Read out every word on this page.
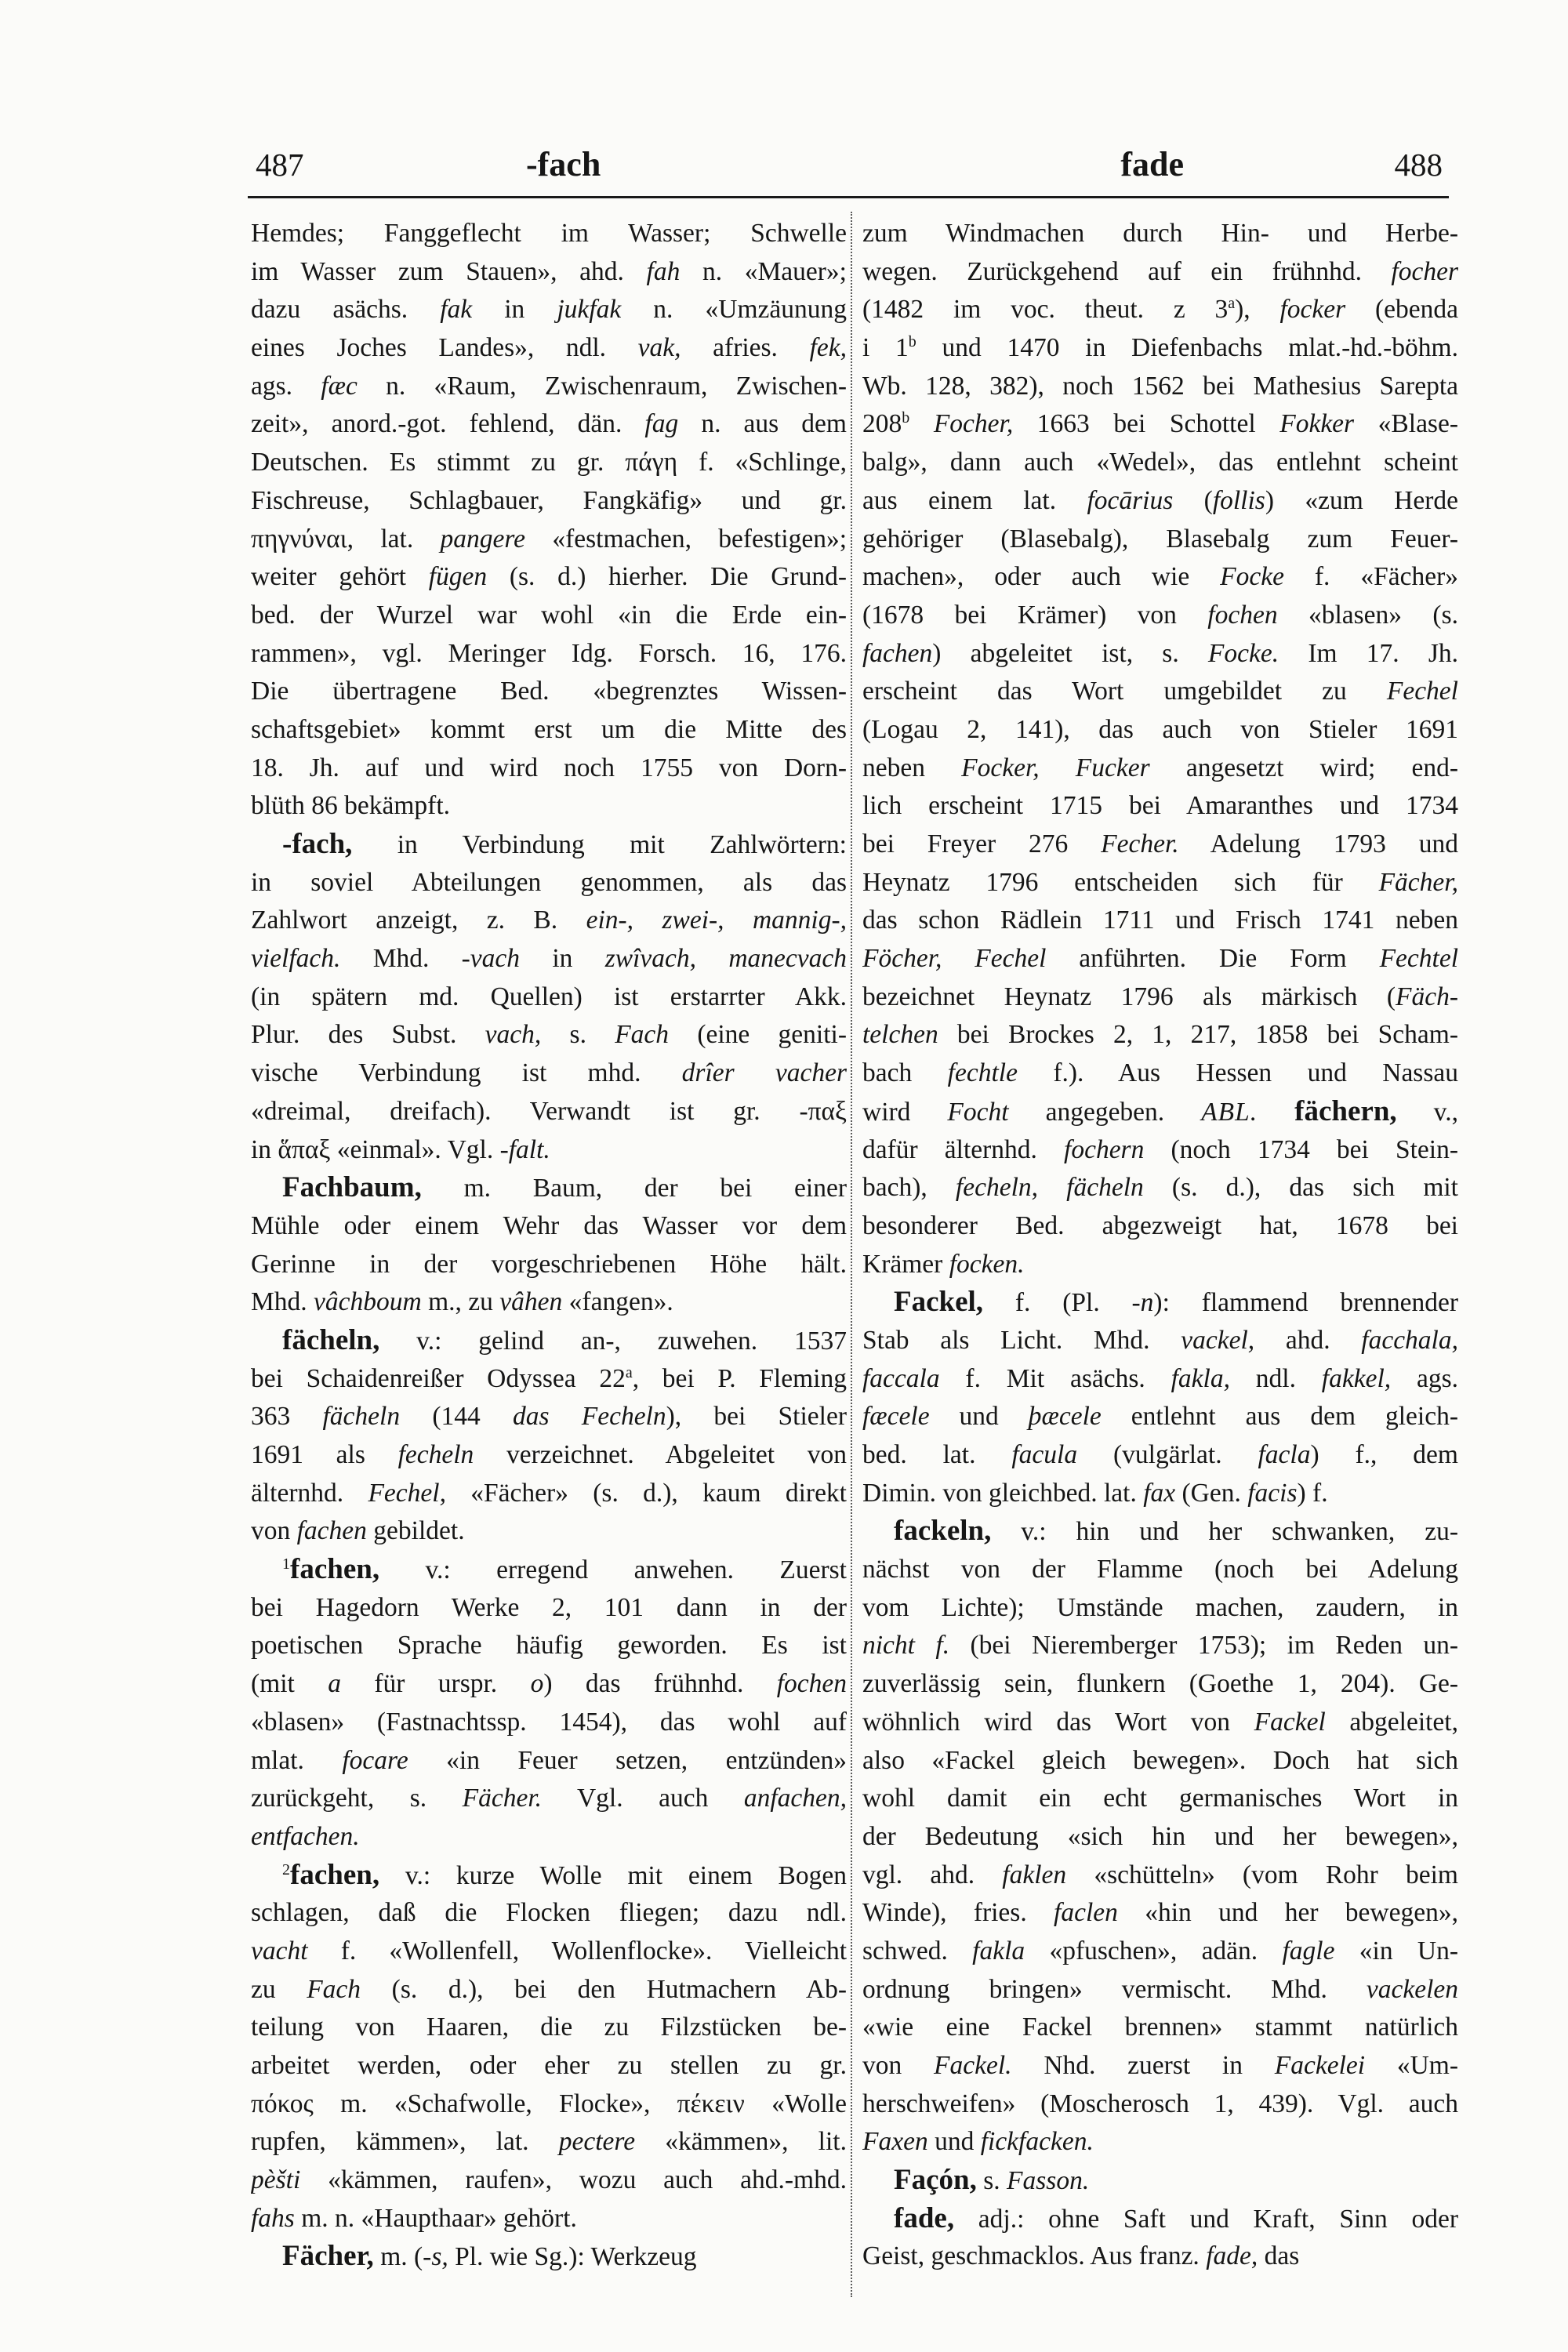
487	-fach	fade	488
Hemdes; Fanggeflecht im Wasser; Schwelle
im Wasser zum Stauen», ahd. fah n. «Mauer»;
dazu asächs. fak in jukfak n. «Umzäunung
eines Joches Landes», ndl. vak, afries. fek,
ags. fæc n. «Raum, Zwischenraum, Zwischen-
zeit», anord.-got. fehlend, dän. fag n. aus dem
Deutschen. Es stimmt zu gr. πάγη f. «Schlinge,
Fischreuse, Schlagbauer, Fangkäfig» und gr.
πηγνύναι, lat. pangere «festmachen, befestigen»;
weiter gehört fügen (s. d.) hierher. Die Grund-
bed. der Wurzel war wohl «in die Erde ein-
rammen», vgl. Meringer Idg. Forsch. 16, 176.
Die übertragene Bed. «begrenztes Wissen-
schaftsgebiet» kommt erst um die Mitte des
18. Jh. auf und wird noch 1755 von Dorn-
blüth 86 bekämpft.
-fach, in Verbindung mit Zahlwörtern:
in soviel Abteilungen genommen, als das
Zahlwort anzeigt, z. B. ein-, zwei-, mannig-,
vielfach. Mhd. -vach in zwîvach, manecvach
(in spätern md. Quellen) ist erstarrter Akk.
Plur. des Subst. vach, s. Fach (eine geniti-
vische Verbindung ist mhd. drîer vacher
«dreimal, dreifach). Verwandt ist gr. -παξ
in ἅπαξ «einmal». Vgl. -falt.
Fachbaum, m. Baum, der bei einer
Mühle oder einem Wehr das Wasser vor dem
Gerinne in der vorgeschriebenen Höhe hält.
Mhd. vâchboum m., zu vâhen «fangen».
fächeln, v.: gelind an-, zuwehen. 1537
bei Schaidenreißer Odyssea 22$^a$, bei P. Fleming
363 fächeln (144 das Fecheln), bei Stieler
1691 als fecheln verzeichnet. Abgeleitet von
älternhd. Fechel, «Fächer» (s. d.), kaum direkt
von fachen gebildet.
$^1$fachen, v.: erregend anwehen. Zuerst
bei Hagedorn Werke 2, 101 dann in der
poetischen Sprache häufig geworden. Es ist
(mit a für urspr. o) das frühnhd. fochen
«blasen» (Fastnachtssp. 1454), das wohl auf
mlat. focare «in Feuer setzen, entzünden»
zurückgeht, s. Fächer. Vgl. auch anfachen,
entfachen.
$^2$fachen, v.: kurze Wolle mit einem Bogen
schlagen, daß die Flocken fliegen; dazu ndl.
vacht f. «Wollenfell, Wollenflocke». Vielleicht
zu Fach (s. d.), bei den Hutmachern Ab-
teilung von Haaren, die zu Filzstücken be-
arbeitet werden, oder eher zu stellen zu gr.
πόκος m. «Schafwolle, Flocke», πέκειν «Wolle
rupfen, kämmen», lat. pectere «kämmen», lit.
pèšti «kämmen, raufen», wozu auch ahd.-mhd.
fahs m. n. «Haupthaar» gehört.
Fächer, m. (-s, Pl. wie Sg.): Werkzeug
zum Windmachen durch Hin- und Herbe-
wegen. Zurückgehend auf ein frühnhd. focher
(1482 im voc. theut. z 3$^a$), focker (ebenda
i 1$^b$ und 1470 in Diefenbachs mlat.-hd.-böhm.
Wb. 128, 382), noch 1562 bei Mathesius Sarepta
208$^b$ Focher, 1663 bei Schottel Fokker «Blase-
balg», dann auch «Wedel», das entlehnt scheint
aus einem lat. focārius (follis) «zum Herde
gehöriger (Blasebalg), Blasebalg zum Feuer-
machen», oder auch wie Focke f. «Fächer»
(1678 bei Krämer) von fochen «blasen» (s.
fachen) abgeleitet ist, s. Focke. Im 17. Jh.
erscheint das Wort umgebildet zu Fechel
(Logau 2, 141), das auch von Stieler 1691
neben Focker, Fucker angesetzt wird; end-
lich erscheint 1715 bei Amaranthes und 1734
bei Freyer 276 Fecher. Adelung 1793 und
Heynatz 1796 entscheiden sich für Fächer,
das schon Rädlein 1711 und Frisch 1741 neben
Föcher, Fechel anführten. Die Form Fechtel
bezeichnet Heynatz 1796 als märkisch (Fäch-
telchen bei Brockes 2, 1, 217, 1858 bei Scham-
bach fechtle f.). Aus Hessen und Nassau
wird Focht angegeben. ABL. fächern, v.,
dafür älternhd. fochern (noch 1734 bei Stein-
bach), fecheln, fächeln (s. d.), das sich mit
besonderer Bed. abgezweigt hat, 1678 bei
Krämer focken.
Fackel, f. (Pl. -n): flammend brennender
Stab als Licht. Mhd. vackel, ahd. facchala,
faccala f. Mit asächs. fakla, ndl. fakkel, ags.
fæcele und þæcele entlehnt aus dem gleich-
bed. lat. facula (vulgärlat. facla) f., dem
Dimin. von gleichbed. lat. fax (Gen. facis) f.
fackeln, v.: hin und her schwanken, zu-
nächst von der Flamme (noch bei Adelung
vom Lichte); Umstände machen, zaudern, in
nicht f. (bei Nieremberger 1753); im Reden un-
zuverlässig sein, flunkern (Goethe 1, 204). Ge-
wöhnlich wird das Wort von Fackel abgeleitet,
also «Fackel gleich bewegen». Doch hat sich
wohl damit ein echt germanisches Wort in
der Bedeutung «sich hin und her bewegen»,
vgl. ahd. faklen «schütteln» (vom Rohr beim
Winde), fries. faclen «hin und her bewegen»,
schwed. fakla «pfuschen», adän. fagle «in Un-
ordnung bringen» vermischt. Mhd. vackelen
«wie eine Fackel brennen» stammt natürlich
von Fackel. Nhd. zuerst in Fackelei «Um-
herschweifen» (Moscherosch 1, 439). Vgl. auch
Faxen und fickfacken.
Façón, s. Fasson.
fade, adj.: ohne Saft und Kraft, Sinn oder
Geist, geschmacklos. Aus franz. fade, das
